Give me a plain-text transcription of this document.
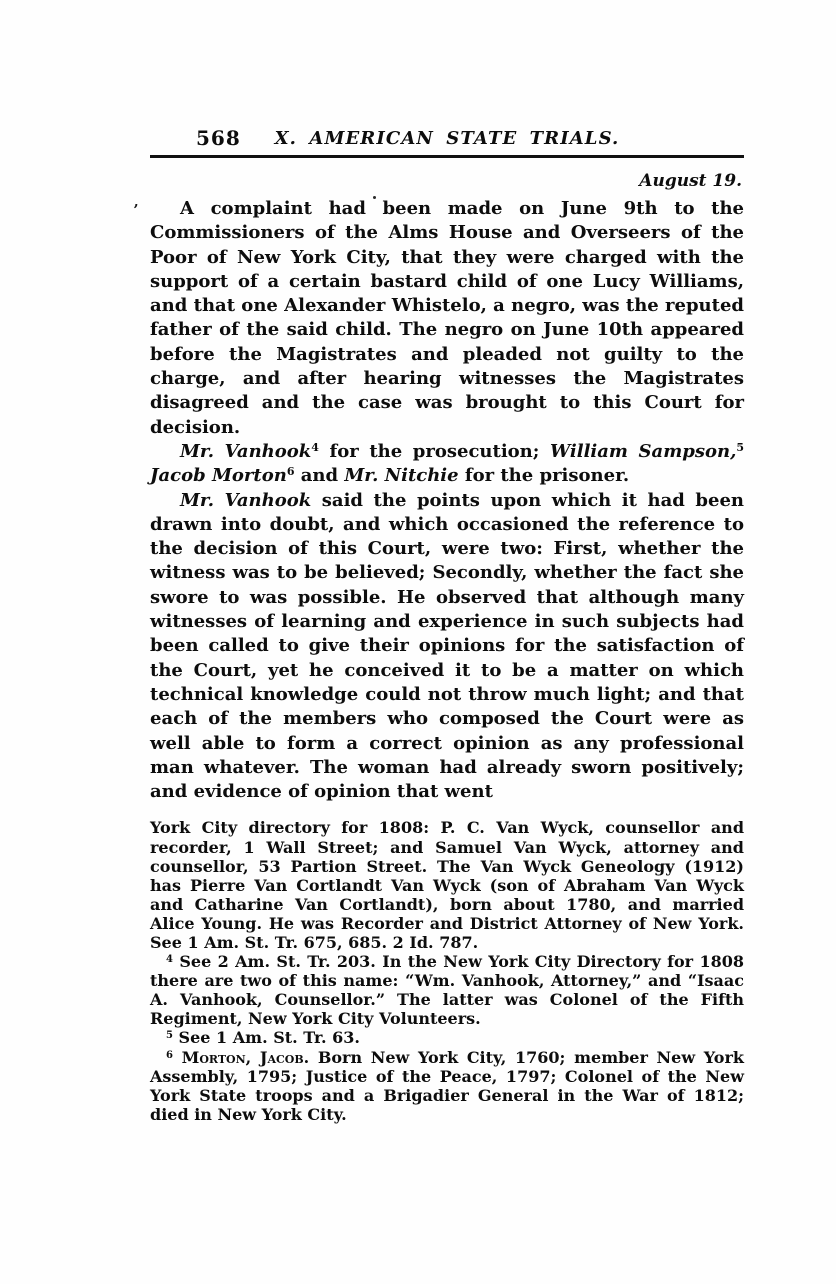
ʼ
568 X. AMERICAN STATE TRIALS.
August 19.

A complaint had been made on June 9th to the Commissioners of the Alms House and Overseers of the Poor of New York City, that they were charged with the support of a certain bastard child of one Lucy Williams, and that one Alexander Whistelo, a negro, was the reputed father of the said child. The negro on June 10th appeared before the Magistrates and pleaded not guilty to the charge, and after hearing witnesses the Magistrates disagreed and the case was brought to this Court for decision.

Mr. Vanhook$^4$ for the prosecution; William Sampson,$^5$ Jacob Morton$^6$ and Mr. Nitchie for the prisoner.

Mr. Vanhook said the points upon which it had been drawn into doubt, and which occasioned the reference to the decision of this Court, were two: First, whether the witness was to be believed; Secondly, whether the fact she swore to was possible. He observed that although many witnesses of learning and experience in such subjects had been called to give their opinions for the satisfaction of the Court, yet he conceived it to be a matter on which technical knowledge could not throw much light; and that each of the members who composed the Court were as well able to form a correct opinion as any professional man whatever. The woman had already sworn positively; and evidence of opinion that went

York City directory for 1808: P. C. Van Wyck, counsellor and recorder, 1 Wall Street; and Samuel Van Wyck, attorney and counsellor, 53 Partion Street. The Van Wyck Geneology (1912) has Pierre Van Cortlandt Van Wyck (son of Abraham Van Wyck and Catharine Van Cortlandt), born about 1780, and married Alice Young. He was Recorder and District Attorney of New York. See 1 Am. St. Tr. 675, 685. 2 Id. 787.

$^4$ See 2 Am. St. Tr. 203. In the New York City Directory for 1808 there are two of this name: “Wm. Vanhook, Attorney,” and “Isaac A. Vanhook, Counsellor.” The latter was Colonel of the Fifth Regiment, New York City Volunteers.

$^5$ See 1 Am. St. Tr. 63.

$^6$ Morton, Jacob. Born New York City, 1760; member New York Assembly, 1795; Justice of the Peace, 1797; Colonel of the New York State troops and a Brigadier General in the War of 1812; died in New York City.
